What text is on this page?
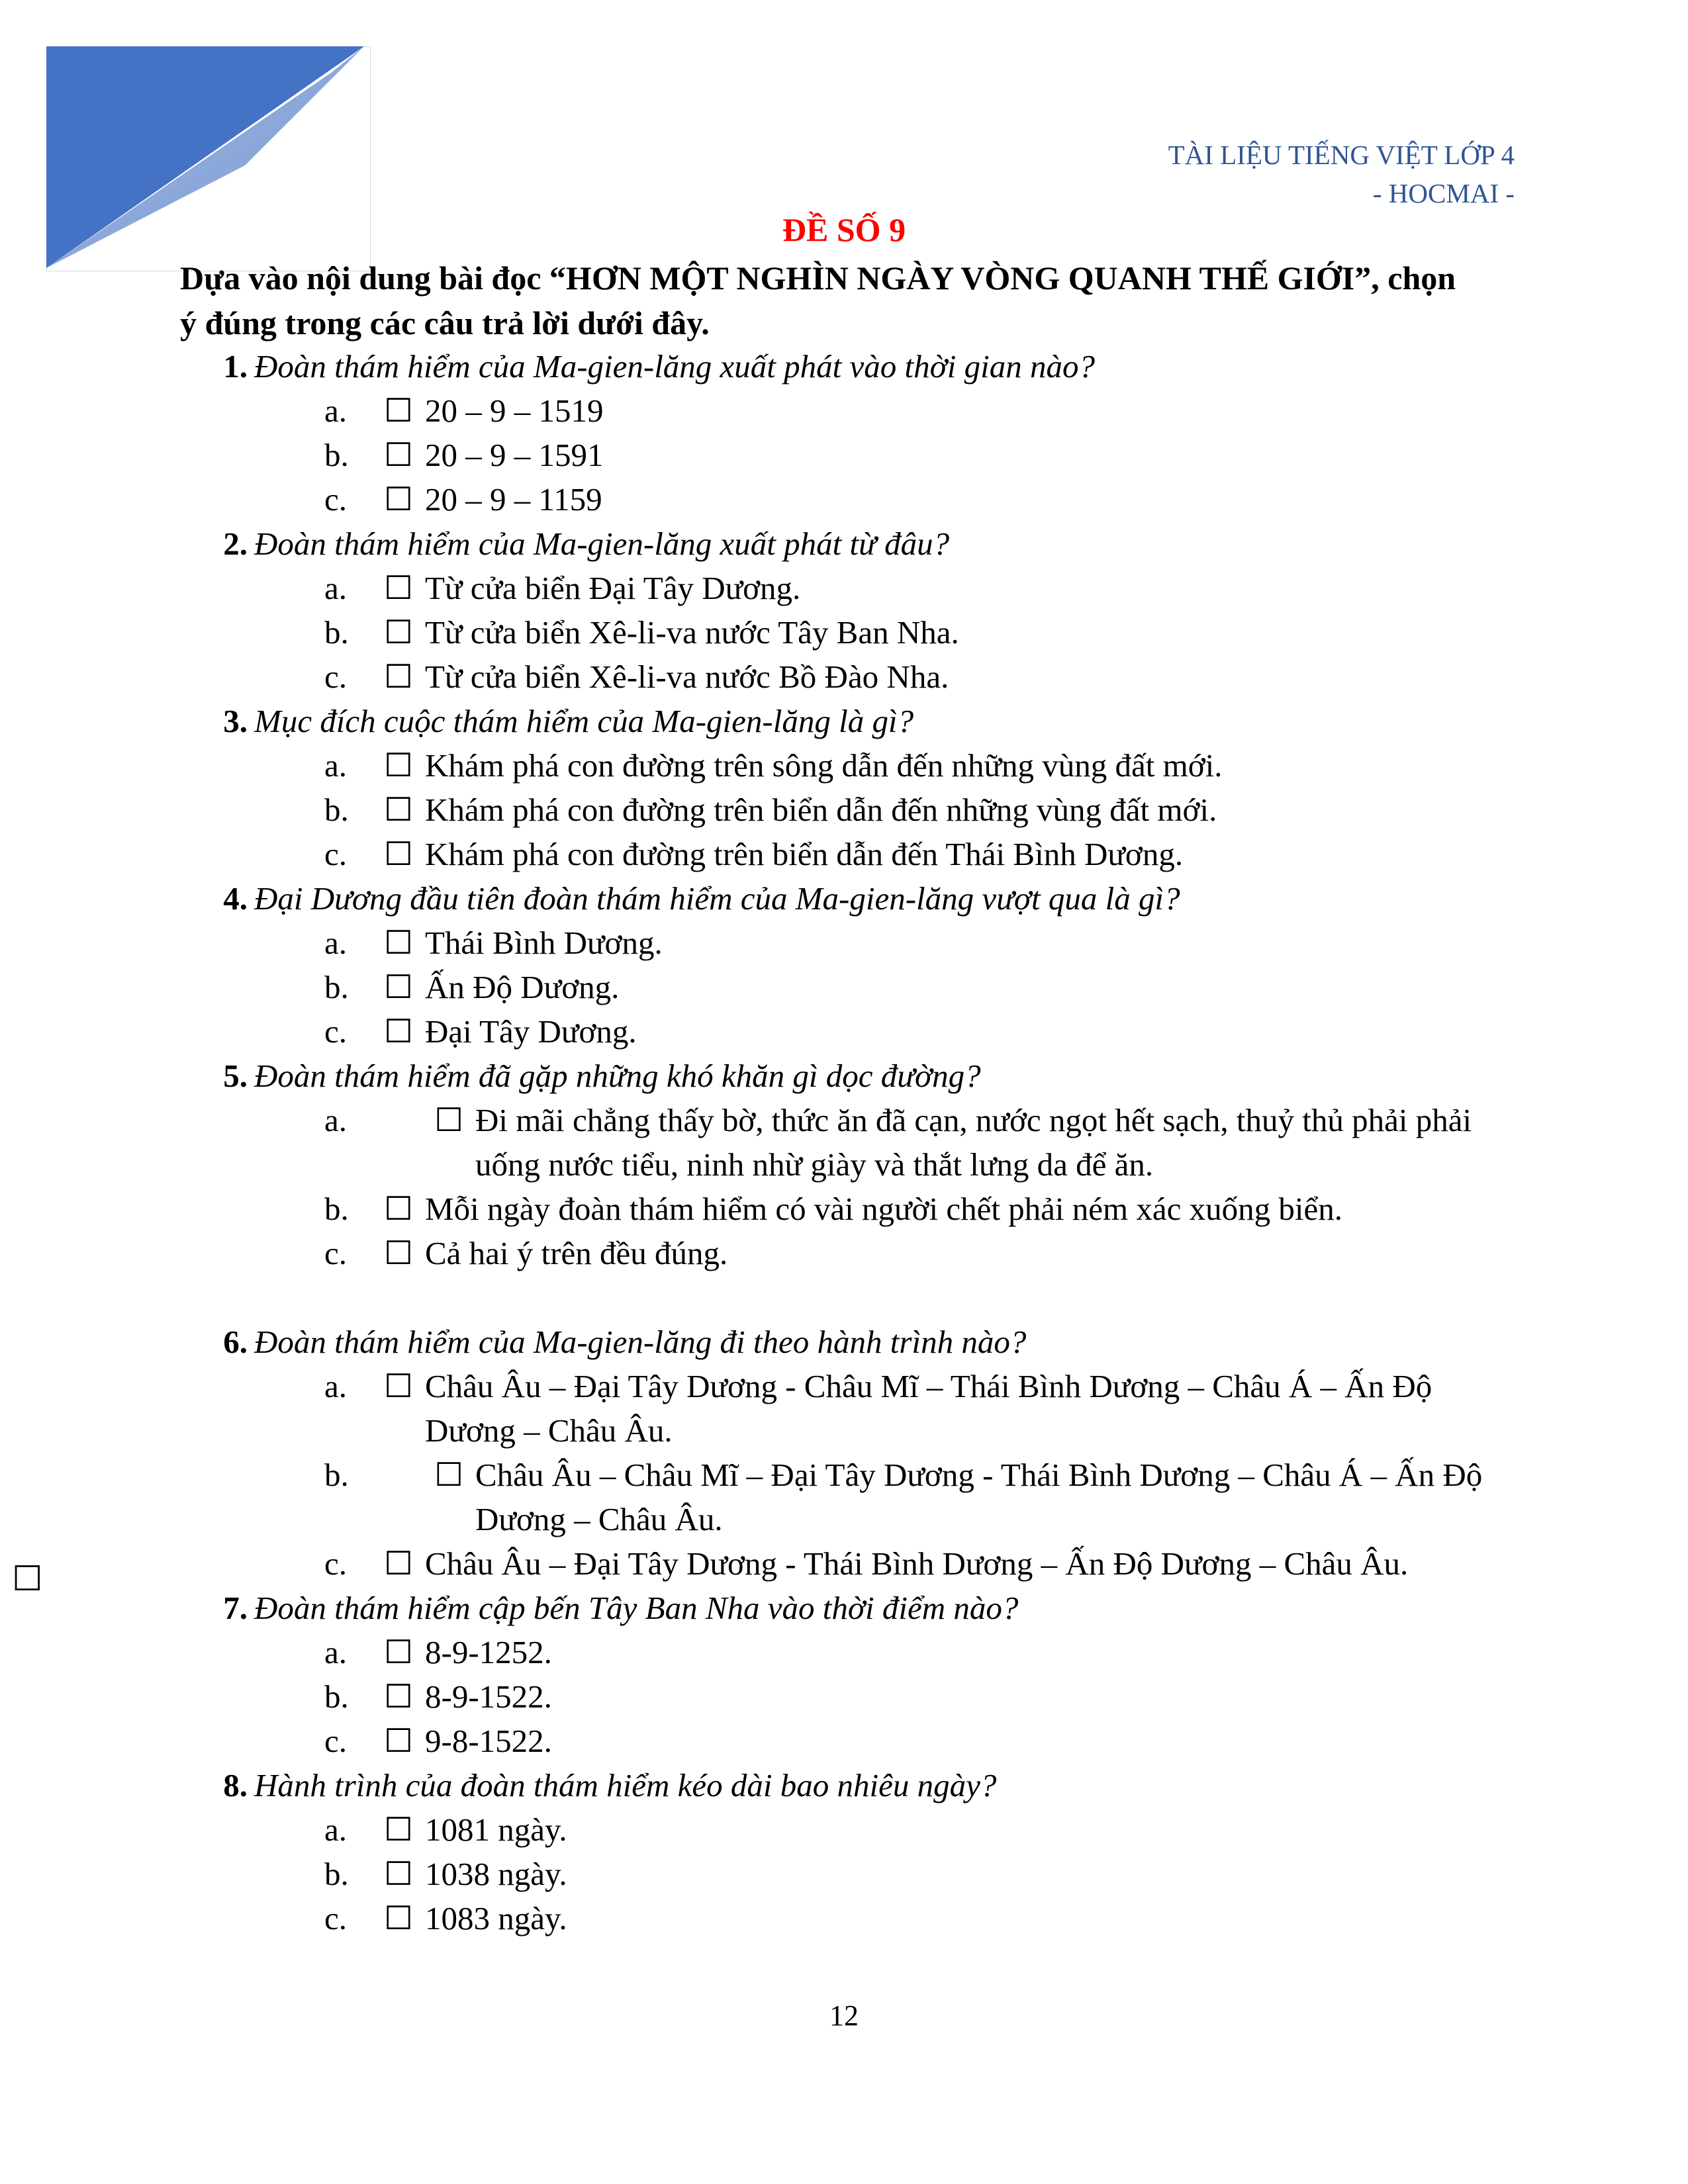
TÀI LIỆU TIẾNG VIỆT LỚP 4
- HOCMAI -
ĐỀ SỐ 9
Dựa vào nội dung bài đọc “HƠN MỘT NGHÌN NGÀY VÒNG QUANH THẾ GIỚI”, chọn ý đúng trong các câu trả lời dưới đây.
1. Đoàn thám hiểm của Ma-gien-lăng xuất phát vào thời gian nào?
a.	☐ 20 – 9 – 1519
b.	☐ 20 – 9 – 1591
c.	☐ 20 – 9 – 1159
2. Đoàn thám hiểm của Ma-gien-lăng xuất phát từ đâu?
a.	☐ Từ cửa biển Đại Tây Dương.
b.	☐ Từ cửa biển Xê-li-va nước Tây Ban Nha.
c.	☐ Từ cửa biển Xê-li-va nước Bồ Đào Nha.
3. Mục đích cuộc thám hiểm của Ma-gien-lăng là gì?
a.	☐ Khám phá con đường trên sông dẫn đến những vùng đất mới.
b.	☐ Khám phá con đường trên biển dẫn đến những vùng đất mới.
c.	☐ Khám phá con đường trên biển dẫn đến Thái Bình Dương.
4. Đại Dương đầu tiên đoàn thám hiểm của Ma-gien-lăng vượt qua là gì?
a.	☐ Thái Bình Dương.
b.	☐ Ấn Độ Dương.
c.	☐ Đại Tây Dương.
5. Đoàn thám hiểm đã gặp những khó khăn gì dọc đường?
a.	☐ Đi mãi chẳng thấy bờ, thức ăn đã cạn, nước ngọt hết sạch, thuỷ thủ phải phải uống nước tiểu, ninh nhừ giày và thắt lưng da để ăn.
b.	☐ Mỗi ngày đoàn thám hiểm có vài người chết phải ném xác xuống biển.
c.	☐ Cả hai ý trên đều đúng.
6. Đoàn thám hiểm của Ma-gien-lăng đi theo hành trình nào?
a.	☐ Châu Âu – Đại Tây Dương - Châu Mĩ – Thái Bình Dương – Châu Á – Ấn Độ Dương – Châu Âu.
b.	☐ Châu Âu – Châu Mĩ – Đại Tây Dương - Thái Bình Dương – Châu Á – Ấn Độ Dương – Châu Âu.
c.	☐ Châu Âu – Đại Tây Dương - Thái Bình Dương – Ấn Độ Dương – Châu Âu.
7. Đoàn thám hiểm cập bến Tây Ban Nha vào thời điểm nào?
a.	☐ 8-9-1252.
b.	☐ 8-9-1522.
c.	☐ 9-8-1522.
8. Hành trình của đoàn thám hiểm kéo dài bao nhiêu ngày?
a.	☐ 1081 ngày.
b.	☐ 1038 ngày.
c.	☐ 1083 ngày.
☐
12
